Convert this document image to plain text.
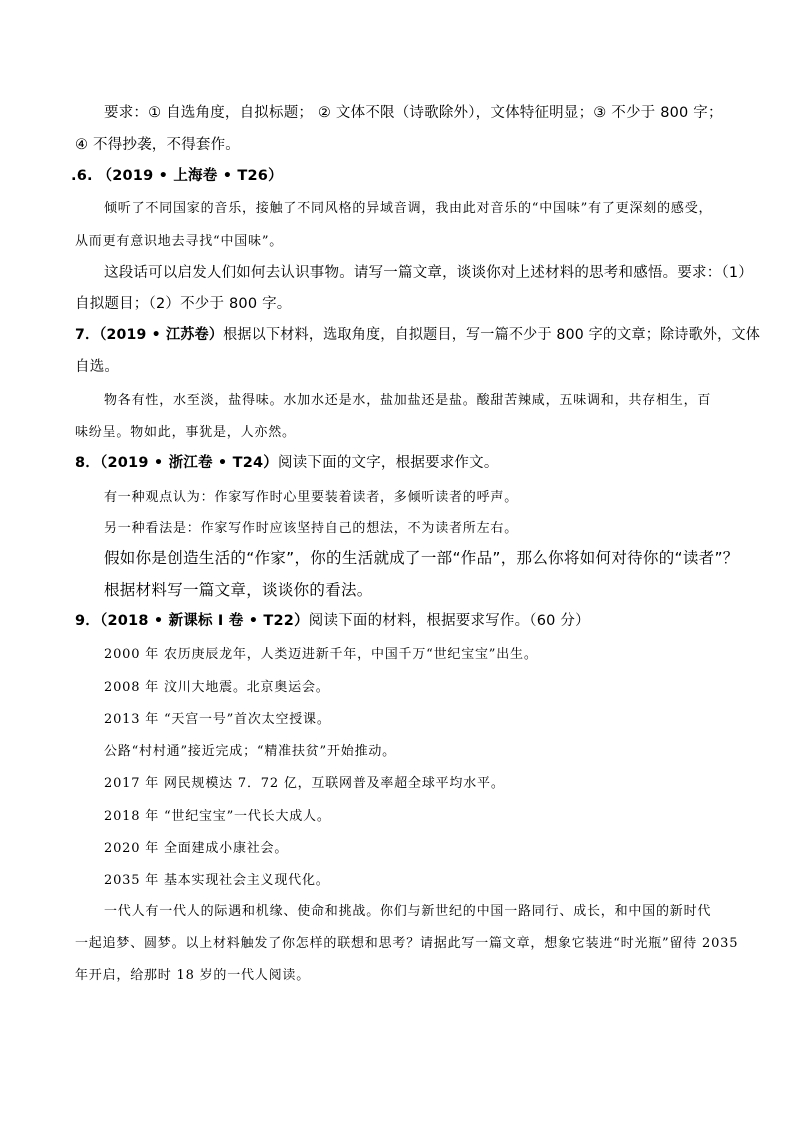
要求：① 自选角度，自拟标题； ② 文体不限（诗歌除外），文体特征明显；③ 不少于 800 字；
④ 不得抄袭，不得套作。
.6. （2019 • 上海卷 • T26）
倾听了不同国家的音乐，接触了不同风格的异域音调，我由此对音乐的“中国味”有了更深刻的感受，
从而更有意识地去寻找“中国味”。
这段话可以启发人们如何去认识事物。请写一篇文章，谈谈你对上述材料的思考和感悟。要求：（1）
自拟题目；（2）不少于 800 字。
7．（2019 • 江苏卷）根据以下材料，选取角度，自拟题目，写一篇不少于 800 字的文章；除诗歌外，文体
自选。
物各有性，水至淡，盐得味。水加水还是水，盐加盐还是盐。酸甜苦辣咸，五味调和，共存相生，百
味纷呈。物如此，事犹是，人亦然。
8．（2019 • 浙江卷 • T24）阅读下面的文字，根据要求作文。
有一种观点认为：作家写作时心里要装着读者，多倾听读者的呼声。
另一种看法是：作家写作时应该坚持自己的想法，不为读者所左右。
假如你是创造生活的“作家”，你的生活就成了一部“作品”，那么你将如何对待你的“读者”？
根据材料写一篇文章，谈谈你的看法。
9．（2018 • 新课标 I 卷 • T22）阅读下面的材料，根据要求写作。（60 分）
2000 年 农历庚辰龙年，人类迈进新千年，中国千万“世纪宝宝”出生。
2008 年 汶川大地震。北京奥运会。
2013 年 “天宫一号”首次太空授课。
公路“村村通”接近完成；“精准扶贫”开始推动。
2017 年 网民规模达 7．72 亿，互联网普及率超全球平均水平。
2018 年 “世纪宝宝”一代长大成人。
2020 年 全面建成小康社会。
2035 年 基本实现社会主义现代化。
一代人有一代人的际遇和机缘、使命和挑战。你们与新世纪的中国一路同行、成长，和中国的新时代
一起追梦、圆梦。以上材料触发了你怎样的联想和思考？请据此写一篇文章，想象它装进“时光瓶”留待 2035
年开启，给那时 18 岁的一代人阅读。
